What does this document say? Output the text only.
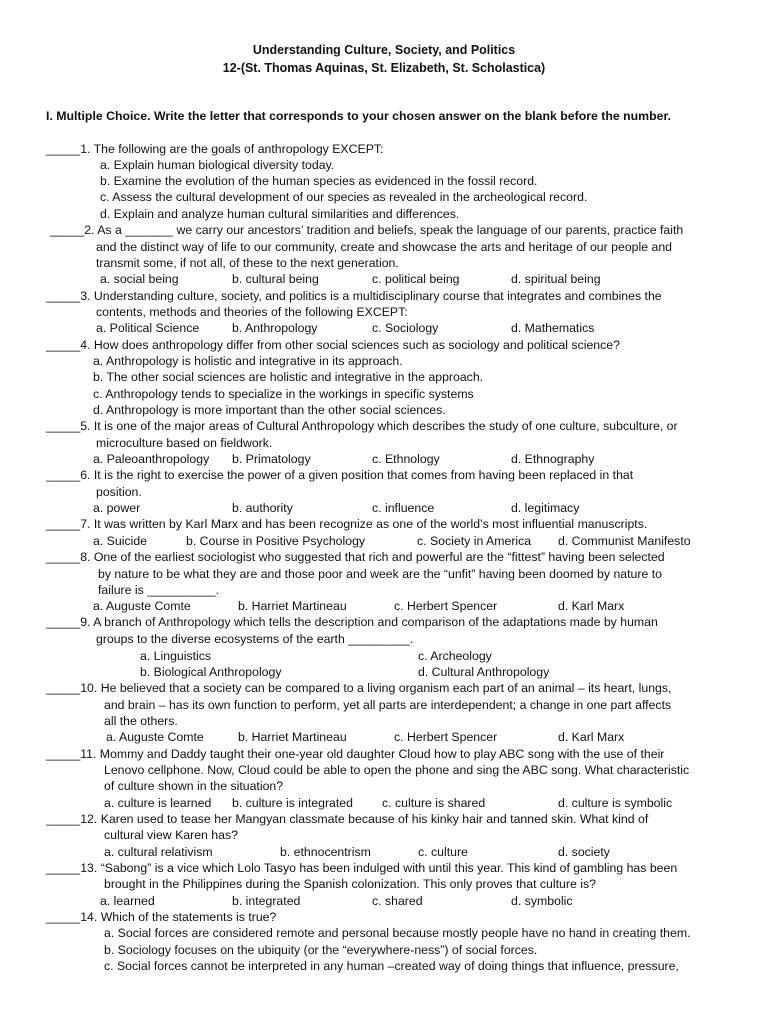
Understanding Culture, Society, and Politics
12-(St. Thomas Aquinas, St. Elizabeth, St. Scholastica)
I. Multiple Choice. Write the letter that corresponds to your chosen answer on the blank before the number.
_____1. The following are the goals of anthropology EXCEPT:
a. Explain human biological diversity today.
b. Examine the evolution of the human species as evidenced in the fossil record.
c. Assess the cultural development of our species as revealed in the archeological record.
d. Explain and analyze human cultural similarities and differences.
_____2. As a _______ we carry our ancestors’ tradition and beliefs, speak the language of our parents, practice faith
and the distinct way of life to our community, create and showcase the arts and heritage of our people and
transmit some, if not all, of these to the next generation.
a. social being	b. cultural being	c. political being	d. spiritual being
_____3. Understanding culture, society, and politics is a multidisciplinary course that integrates and combines the
contents, methods and theories of the following EXCEPT:
a. Political Science	b. Anthropology	c. Sociology	d. Mathematics
_____4. How does anthropology differ from other social sciences such as sociology and political science?
a. Anthropology is holistic and integrative in its approach.
b. The other social sciences are holistic and integrative in the approach.
c. Anthropology tends to specialize in the workings in specific systems
d. Anthropology is more important than the other social sciences.
_____5. It is one of the major areas of Cultural Anthropology which describes the study of one culture, subculture, or
microculture based on fieldwork.
a. Paleoanthropology b. Primatology	c. Ethnology	d. Ethnography
_____6. It is the right to exercise the power of a given position that comes from having been replaced in that
position.
a. power	b. authority	c. influence	d. legitimacy
_____7. It was written by Karl Marx and has been recognize as one of the world’s most influential manuscripts.
a. Suicide	b. Course in Positive Psychology	c. Society in America d. Communist Manifesto
_____8. One of the earliest sociologist who suggested that rich and powerful are the “fittest” having been selected
by nature to be what they are and those poor and week are the “unfit” having been doomed by nature to
failure is __________.
a. Auguste Comte	b. Harriet Martineau	c. Herbert Spencer	d. Karl Marx
_____9. A branch of Anthropology which tells the description and comparison of the adaptations made by human
groups to the diverse ecosystems of the earth _________.
a. Linguistics	c. Archeology
b. Biological Anthropology	d. Cultural Anthropology
_____10. He believed that a society can be compared to a living organism each part of an animal – its heart, lungs,
and brain – has its own function to perform, yet all parts are interdependent; a change in one part affects
all the others.
a. Auguste Comte	b. Harriet Martineau	c. Herbert Spencer	d. Karl Marx
_____11. Mommy and Daddy taught their one-year old daughter Cloud how to play ABC song with the use of their
Lenovo cellphone. Now, Cloud could be able to open the phone and sing the ABC song. What characteristic
of culture shown in the situation?
a. culture is learned b. culture is integrated c. culture is shared	d. culture is symbolic
_____12. Karen used to tease her Mangyan classmate because of his kinky hair and tanned skin. What kind of
cultural view Karen has?
a. cultural relativism	b. ethnocentrism	c. culture	d. society
_____13. “Sabong” is a vice which Lolo Tasyo has been indulged with until this year. This kind of gambling has been
brought in the Philippines during the Spanish colonization. This only proves that culture is?
a. learned	b. integrated	c. shared	d. symbolic
_____14. Which of the statements is true?
a. Social forces are considered remote and personal because mostly people have no hand in creating them.
b. Sociology focuses on the ubiquity (or the “everywhere-ness”) of social forces.
c. Social forces cannot be interpreted in any human –created way of doing things that influence, pressure,
